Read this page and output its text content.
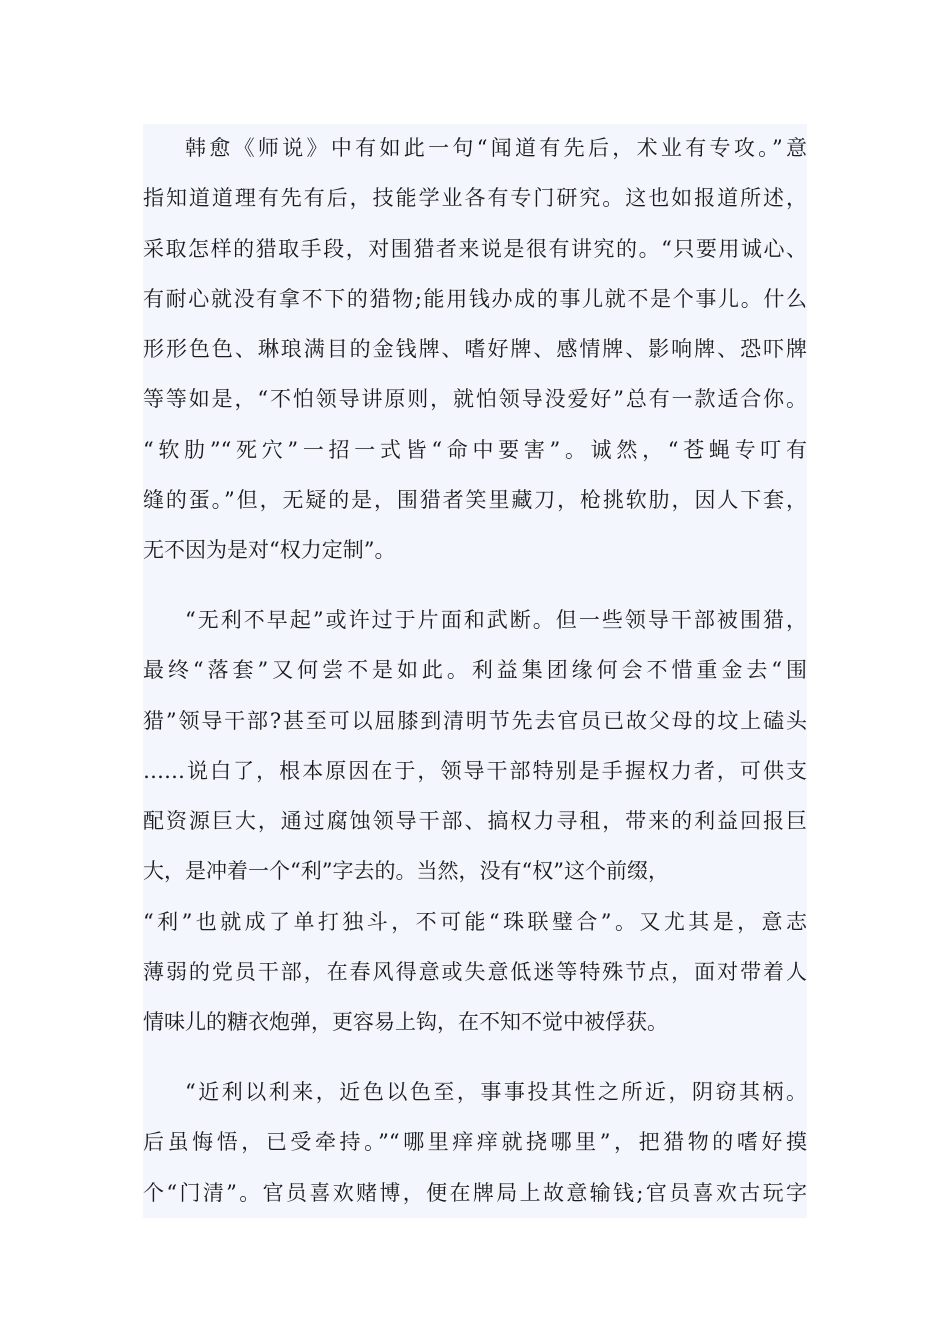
韩愈《师说》中有如此一句“闻道有先后，术业有专攻。”意
指知道道理有先有后，技能学业各有专门研究。这也如报道所述，
采取怎样的猎取手段，对围猎者来说是很有讲究的。“只要用诚心、
有耐心就没有拿不下的猎物;能用钱办成的事儿就不是个事儿。什么
形形色色、琳琅满目的金钱牌、嗜好牌、感情牌、影响牌、恐吓牌
等等如是，“不怕领导讲原则，就怕领导没爱好”总有一款适合你。
“软肋”“死穴”一招一式皆“命中要害”。诚然，“苍蝇专叮有
缝的蛋。”但，无疑的是，围猎者笑里藏刀，枪挑软肋，因人下套，
无不因为是对“权力定制”。
“无利不早起”或许过于片面和武断。但一些领导干部被围猎，
最终“落套”又何尝不是如此。利益集团缘何会不惜重金去“围
猎”领导干部?甚至可以屈膝到清明节先去官员已故父母的坟上磕头
……说白了，根本原因在于，领导干部特别是手握权力者，可供支
配资源巨大，通过腐蚀领导干部、搞权力寻租，带来的利益回报巨
大，是冲着一个“利”字去的。当然，没有“权”这个前缀，
“利”也就成了单打独斗，不可能“珠联璧合”。又尤其是，意志
薄弱的党员干部，在春风得意或失意低迷等特殊节点，面对带着人
情味儿的糖衣炮弹，更容易上钩，在不知不觉中被俘获。
“近利以利来，近色以色至，事事投其性之所近，阴窃其柄。
后虽悔悟，已受牵持。”“哪里痒痒就挠哪里”，把猎物的嗜好摸
个“门清”。官员喜欢赌博，便在牌局上故意输钱;官员喜欢古玩字
